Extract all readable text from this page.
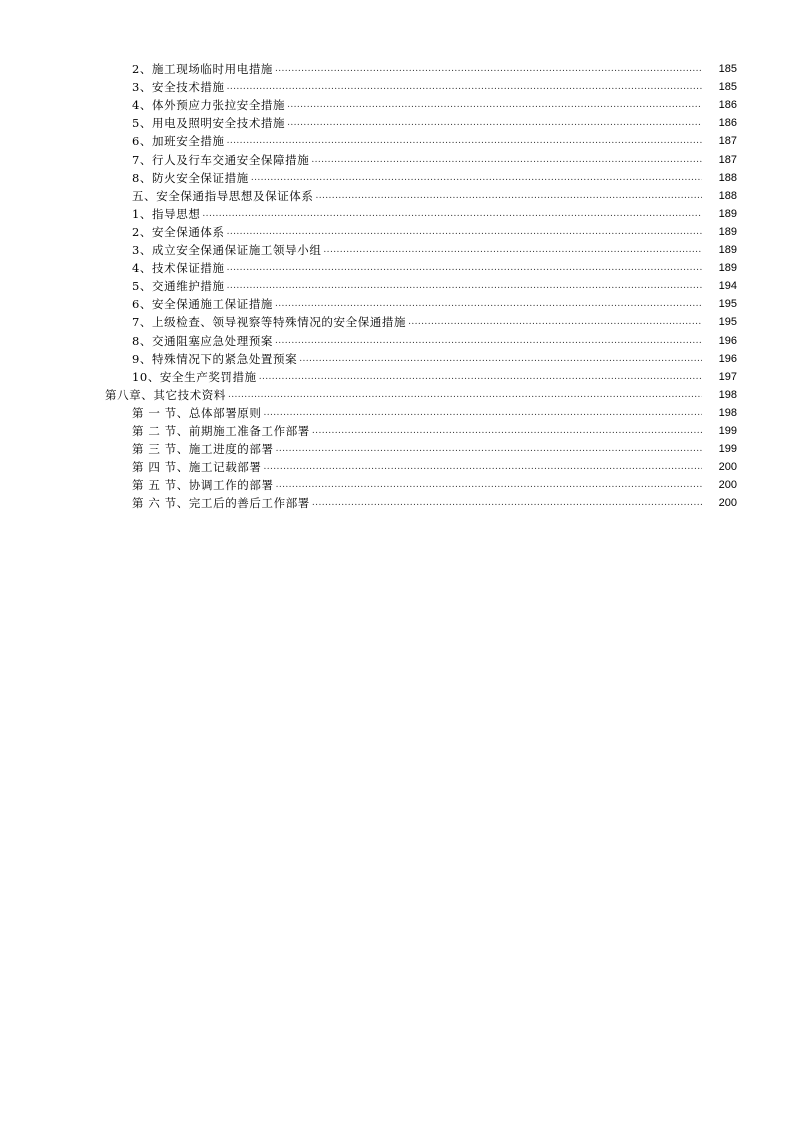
2、施工现场临时用电措施 .....	185
3、安全技术措施 .....	185
4、体外预应力张拉安全措施 .....	186
5、用电及照明安全技术措施 .....	186
6、加班安全措施 .....	187
7、行人及行车交通安全保障措施 .....	187
8、防火安全保证措施 .....	188
五、安全保通指导思想及保证体系 .....	188
1、指导思想 .....	189
2、安全保通体系 .....	189
3、成立安全保通保证施工领导小组 .....	189
4、技术保证措施 .....	189
5、交通维护措施 .....	194
6、安全保通施工保证措施 .....	195
7、上级检查、领导视察等特殊情况的安全保通措施 .....	195
8、交通阻塞应急处理预案 .....	196
9、特殊情况下的紧急处置预案 .....	196
10、安全生产奖罚措施 .....	197
第八章、其它技术资料 .....	198
第 一 节、总体部署原则 .....	198
第 二 节、前期施工准备工作部署 .....	199
第 三 节、施工进度的部署 .....	199
第 四 节、施工记载部署 .....	200
第 五 节、协调工作的部署 .....	200
第 六 节、完工后的善后工作部署 .....	200
